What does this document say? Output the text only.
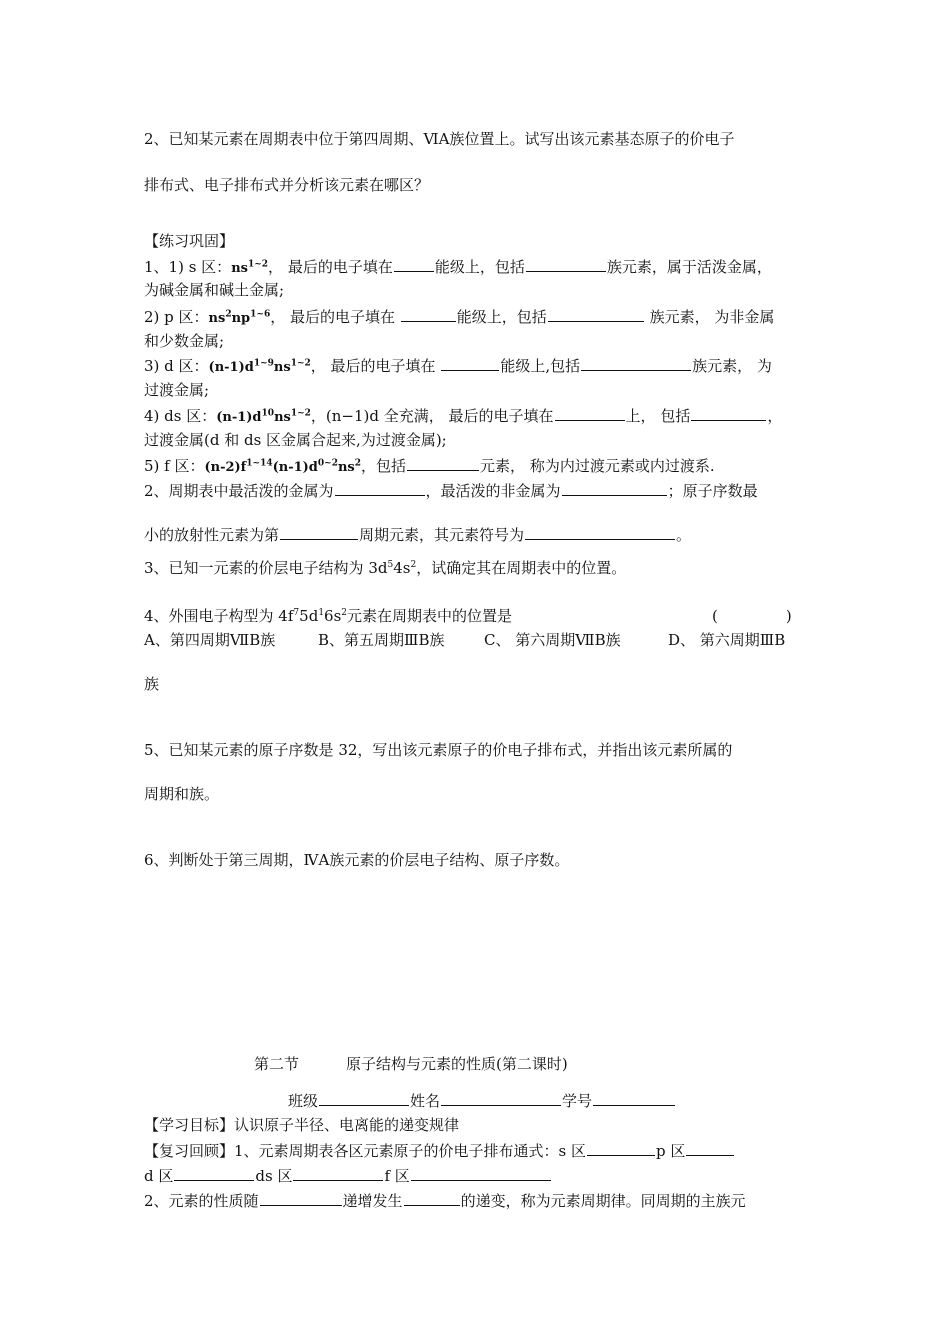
2、已知某元素在周期表中位于第四周期、ⅥA族位置上。试写出该元素基态原子的价电子
排布式、电子排布式并分析该元素在哪区？
【练习巩固】
1、1) s 区：$ns^{1\sim 2}$， 最后的电子填在	能级上，包括	族元素，属于活泼金属，
为碱金属和碱土金属;
2) p 区：$ns^2np^{1\sim 6}$， 最后的电子填在	能级上，包括	族元素， 为非金属
和少数金属;
3) d 区：$(n-1)d^{1\sim 9}ns^{1\sim 2}$， 最后的电子填在	能级上,包括	族元素， 为
过渡金属;
4) ds 区：$(n-1)d^{10}ns^{1\sim 2}$，(n−1)d 全充满， 最后的电子填在	上， 包括	，
过渡金属(d 和 ds 区金属合起来,为过渡金属);
5) f 区：$(n-2)f^{1\sim 14}(n-1)d^{0\sim 2}ns^2$，包括	元素， 称为内过渡元素或内过渡系.
2、周期表中最活泼的金属为	，最活泼的非金属为	；原子序数最
小的放射性元素为第	周期元素，其元素符号为	。
3、已知一元素的价层电子结构为 $3d^54s^2$，试确定其在周期表中的位置。
4、外围电子构型为 $4f^75d^16s^2$元素在周期表中的位置是	(	)
A、第四周期ⅦB族	B、第五周期ⅢB族	C、 第六周期ⅦB族	D、 第六周期ⅢB
族
5、已知某元素的原子序数是 32，写出该元素原子的价电子排布式，并指出该元素所属的
周期和族。
6、判断处于第三周期，ⅣA族元素的价层电子结构、原子序数。
第二节	原子结构与元素的性质(第二课时)
班级	姓名	学号
【学习目标】认识原子半径、电离能的递变规律
【复习回顾】1、元素周期表各区元素原子的价电子排布通式：s 区	p 区
d 区	ds 区	f 区
2、元素的性质随	递增发生	的递变，称为元素周期律。同周期的主族元
